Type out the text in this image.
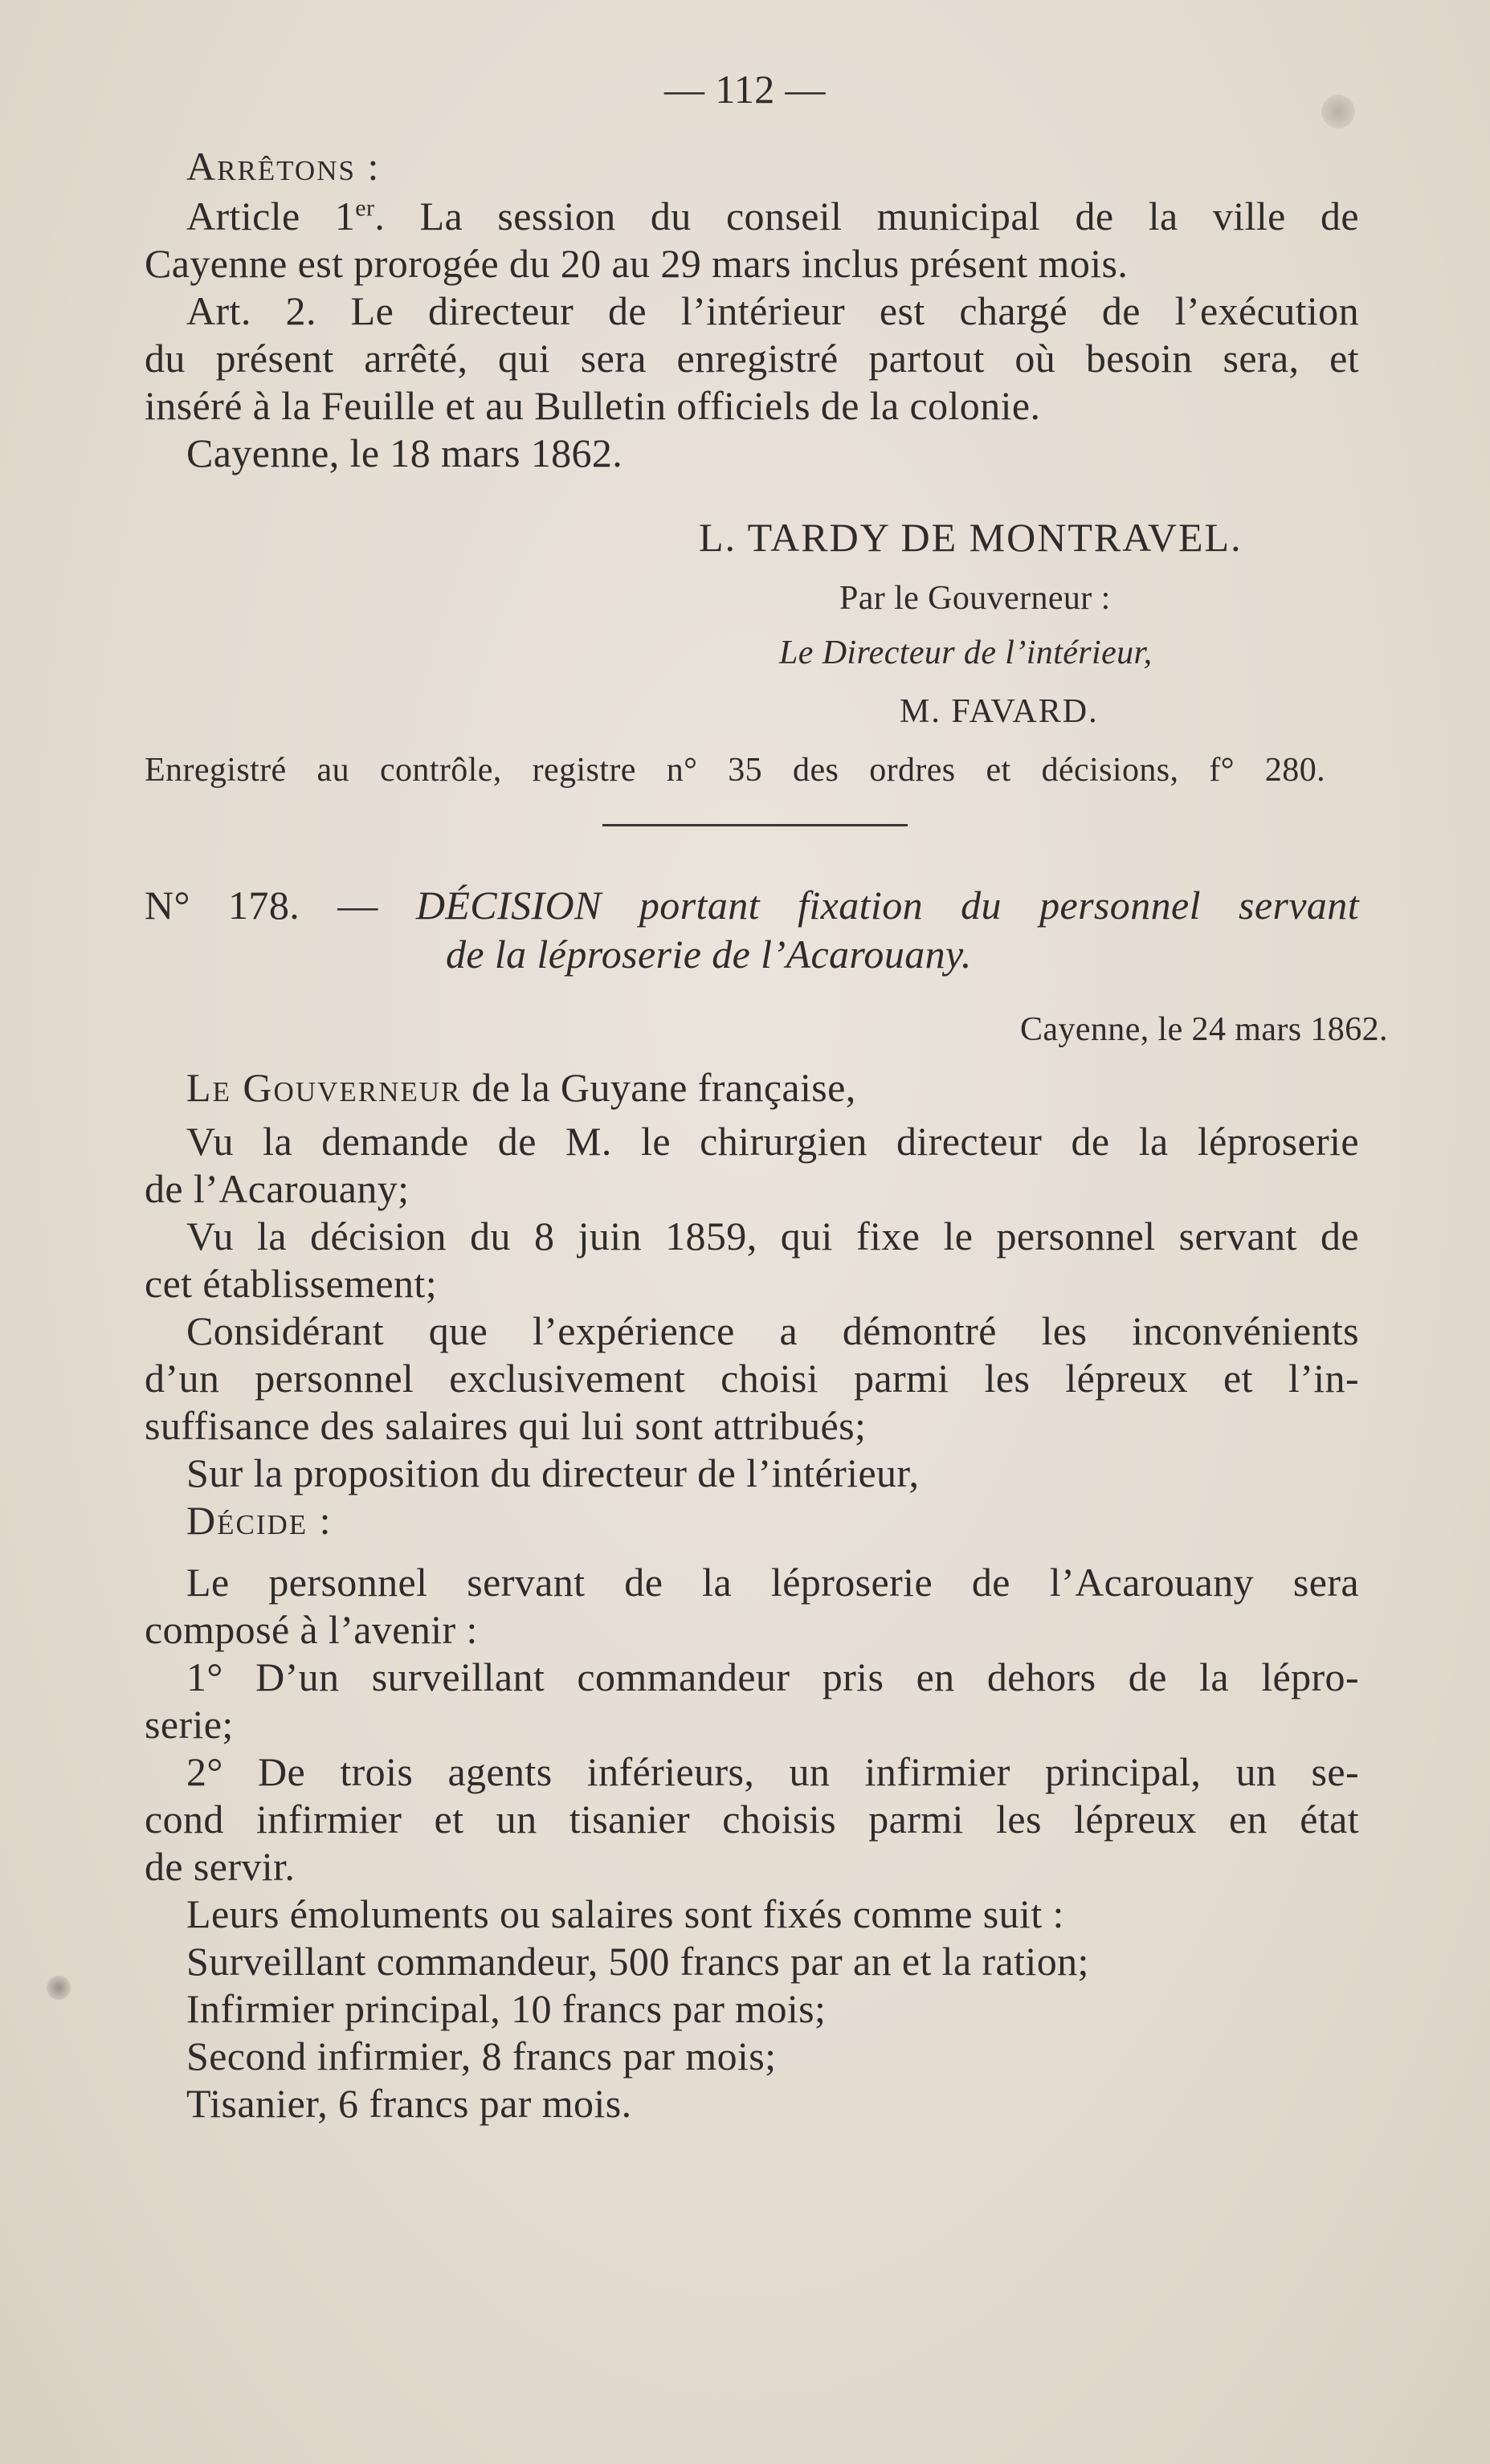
— 112 —
Arrêtons :
Article 1er. La session du conseil municipal de la ville de
Cayenne est prorogée du 20 au 29 mars inclus présent mois.
Art. 2. Le directeur de l’intérieur est chargé de l’exécution
du présent arrêté, qui sera enregistré partout où besoin sera, et
inséré à la Feuille et au Bulletin officiels de la colonie.
Cayenne, le 18 mars 1862.
L. TARDY DE MONTRAVEL.
Par le Gouverneur :
Le Directeur de l’intérieur,
M. FAVARD.
Enregistré au contrôle, registre n° 35 des ordres et décisions, f° 280.
N° 178. — DÉCISION portant fixation du personnel servant
de la léproserie de l’Acarouany.
Cayenne, le 24 mars 1862.
Le Gouverneur de la Guyane française,
Vu la demande de M. le chirurgien directeur de la léproserie
de l’Acarouany;
Vu la décision du 8 juin 1859, qui fixe le personnel servant de
cet établissement;
Considérant que l’expérience a démontré les inconvénients
d’un personnel exclusivement choisi parmi les lépreux et l’in-
suffisance des salaires qui lui sont attribués;
Sur la proposition du directeur de l’intérieur,
Décide :
Le personnel servant de la léproserie de l’Acarouany sera
composé à l’avenir :
1° D’un surveillant commandeur pris en dehors de la lépro-
serie;
2° De trois agents inférieurs, un infirmier principal, un se-
cond infirmier et un tisanier choisis parmi les lépreux en état
de servir.
Leurs émoluments ou salaires sont fixés comme suit :
Surveillant commandeur, 500 francs par an et la ration;
Infirmier principal, 10 francs par mois;
Second infirmier, 8 francs par mois;
Tisanier, 6 francs par mois.
